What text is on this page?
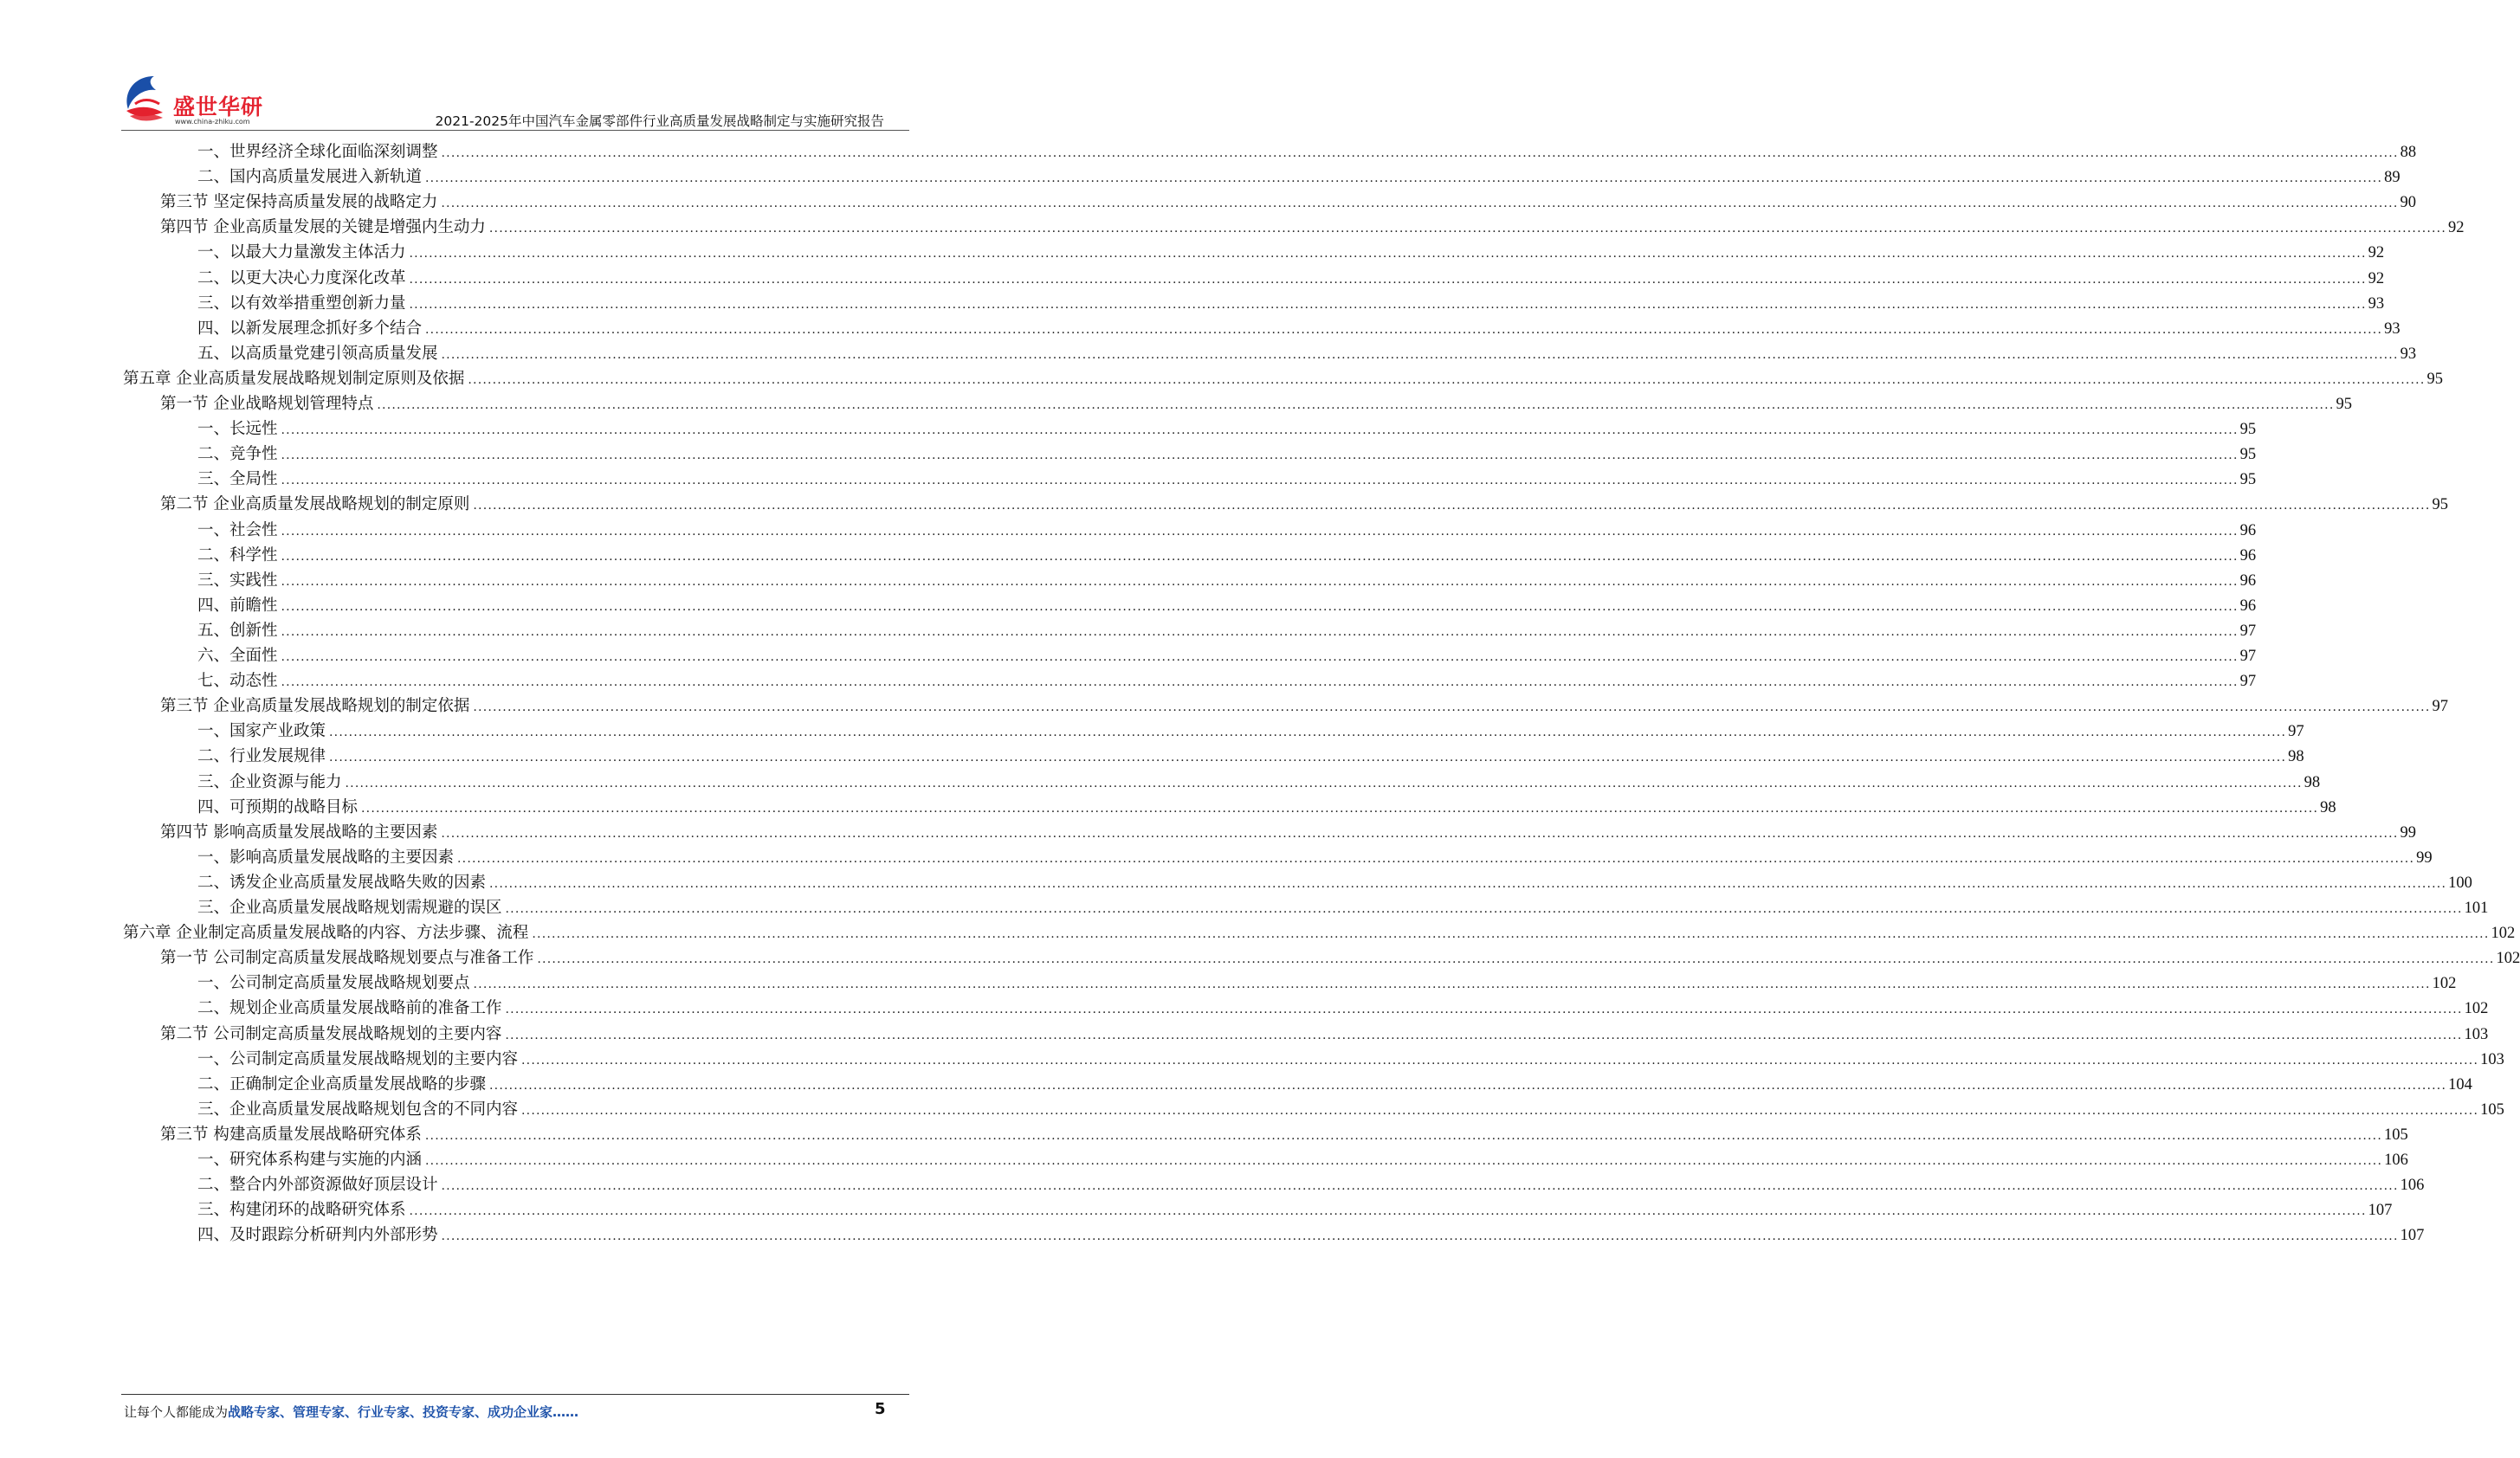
盛世华研
www.china-zhiku.com	2021-2025年中国汽车金属零部件行业高质量发展战略制定与实施研究报告
一、世界经济全球化面临深刻调整 ................................................................................................................................................................................................................................................................................................................................................................................................................ 88
二、国内高质量发展进入新轨道 ................................................................................................................................................................................................................................................................................................................................................................................................................ 89
第三节 坚定保持高质量发展的战略定力 ................................................................................................................................................................................................................................................................................................................................................................................................................ 90
第四节 企业高质量发展的关键是增强内生动力 ................................................................................................................................................................................................................................................................................................................................................................................................................ 92
一、以最大力量激发主体活力 ................................................................................................................................................................................................................................................................................................................................................................................................................ 92
二、以更大决心力度深化改革 ................................................................................................................................................................................................................................................................................................................................................................................................................ 92
三、以有效举措重塑创新力量 ................................................................................................................................................................................................................................................................................................................................................................................................................ 93
四、以新发展理念抓好多个结合 ................................................................................................................................................................................................................................................................................................................................................................................................................ 93
五、以高质量党建引领高质量发展 ................................................................................................................................................................................................................................................................................................................................................................................................................ 93
第五章 企业高质量发展战略规划制定原则及依据 ................................................................................................................................................................................................................................................................................................................................................................................................................ 95
第一节 企业战略规划管理特点 ................................................................................................................................................................................................................................................................................................................................................................................................................ 95
一、长远性 ................................................................................................................................................................................................................................................................................................................................................................................................................ 95
二、竞争性 ................................................................................................................................................................................................................................................................................................................................................................................................................ 95
三、全局性 ................................................................................................................................................................................................................................................................................................................................................................................................................ 95
第二节 企业高质量发展战略规划的制定原则 ................................................................................................................................................................................................................................................................................................................................................................................................................ 95
一、社会性 ................................................................................................................................................................................................................................................................................................................................................................................................................ 96
二、科学性 ................................................................................................................................................................................................................................................................................................................................................................................................................ 96
三、实践性 ................................................................................................................................................................................................................................................................................................................................................................................................................ 96
四、前瞻性 ................................................................................................................................................................................................................................................................................................................................................................................................................ 96
五、创新性 ................................................................................................................................................................................................................................................................................................................................................................................................................ 97
六、全面性 ................................................................................................................................................................................................................................................................................................................................................................................................................ 97
七、动态性 ................................................................................................................................................................................................................................................................................................................................................................................................................ 97
第三节 企业高质量发展战略规划的制定依据 ................................................................................................................................................................................................................................................................................................................................................................................................................ 97
一、国家产业政策 ................................................................................................................................................................................................................................................................................................................................................................................................................ 97
二、行业发展规律 ................................................................................................................................................................................................................................................................................................................................................................................................................ 98
三、企业资源与能力 ................................................................................................................................................................................................................................................................................................................................................................................................................ 98
四、可预期的战略目标 ................................................................................................................................................................................................................................................................................................................................................................................................................ 98
第四节 影响高质量发展战略的主要因素 ................................................................................................................................................................................................................................................................................................................................................................................................................ 99
一、影响高质量发展战略的主要因素 ................................................................................................................................................................................................................................................................................................................................................................................................................ 99
二、诱发企业高质量发展战略失败的因素 ................................................................................................................................................................................................................................................................................................................................................................................................................ 100
三、企业高质量发展战略规划需规避的误区 ................................................................................................................................................................................................................................................................................................................................................................................................................ 101
第六章 企业制定高质量发展战略的内容、方法步骤、流程 ................................................................................................................................................................................................................................................................................................................................................................................................................ 102
第一节 公司制定高质量发展战略规划要点与准备工作 ................................................................................................................................................................................................................................................................................................................................................................................................................ 102
一、公司制定高质量发展战略规划要点 ................................................................................................................................................................................................................................................................................................................................................................................................................ 102
二、规划企业高质量发展战略前的准备工作 ................................................................................................................................................................................................................................................................................................................................................................................................................ 102
第二节 公司制定高质量发展战略规划的主要内容 ................................................................................................................................................................................................................................................................................................................................................................................................................ 103
一、公司制定高质量发展战略规划的主要内容 ................................................................................................................................................................................................................................................................................................................................................................................................................ 103
二、正确制定企业高质量发展战略的步骤 ................................................................................................................................................................................................................................................................................................................................................................................................................ 104
三、企业高质量发展战略规划包含的不同内容 ................................................................................................................................................................................................................................................................................................................................................................................................................ 105
第三节 构建高质量发展战略研究体系 ................................................................................................................................................................................................................................................................................................................................................................................................................ 105
一、研究体系构建与实施的内涵 ................................................................................................................................................................................................................................................................................................................................................................................................................ 106
二、整合内外部资源做好顶层设计 ................................................................................................................................................................................................................................................................................................................................................................................................................ 106
三、构建闭环的战略研究体系 ................................................................................................................................................................................................................................................................................................................................................................................................................ 107
四、及时跟踪分析研判内外部形势 ................................................................................................................................................................................................................................................................................................................................................................................................................ 107
让每个人都能成为战略专家、管理专家、行业专家、投资专家、成功企业家……	5
